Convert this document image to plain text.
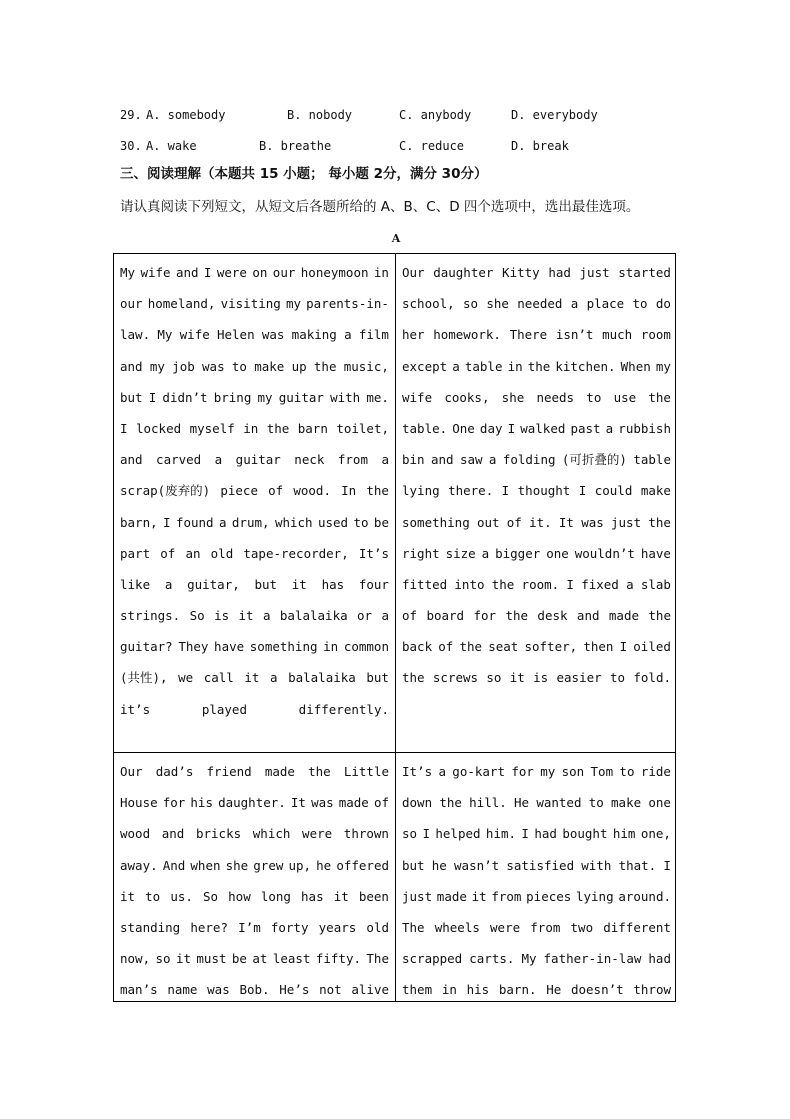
29. A. somebody	B. nobody	C. anybody	D. everybody
30. A. wake	B. breathe	C. reduce	D. break
三、阅读理解（本题共 15 小题； 每小题 2分，满分 30分）
请认真阅读下列短文，从短文后各题所给的 A、B、C、D 四个选项中，选出最佳选项。
A
My wife and I were on our honeymoon in
our homeland, visiting my parents-in-
law. My wife Helen was making a film
and my job was to make up the music,
but I didn’t bring my guitar with me.
I locked myself in the barn toilet,
and carved a guitar neck from a
scrap(废弃的) piece of wood. In the
barn, I found a drum, which used to be
part of an old tape-recorder, It’s
like a guitar, but it has four
strings. So is it a balalaika or a
guitar? They have something in common
(共性), we call it a balalaika but
it’s played differently.
Our daughter Kitty had just started
school, so she needed a place to do
her homework. There isn’t much room
except a table in the kitchen. When my
wife cooks, she needs to use the
table. One day I walked past a rubbish
bin and saw a folding (可折叠的) table
lying there. I thought I could make
something out of it. It was just the
right size a bigger one wouldn’t have
fitted into the room. I fixed a slab
of board for the desk and made the
back of the seat softer, then I oiled
the screws so it is easier to fold.
Our dad’s friend made the Little
House for his daughter. It was made of
wood and bricks which were thrown
away. And when she grew up, he offered
it to us. So how long has it been
standing here? I’m forty years old
now, so it must be at least fifty. The
man’s name was Bob. He’s not alive
It’s a go-kart for my son Tom to ride
down the hill. He wanted to make one
so I helped him. I had bought him one,
but he wasn’t satisfied with that. I
just made it from pieces lying around.
The wheels were from two different
scrapped carts. My father-in-law had
them in his barn. He doesn’t throw
